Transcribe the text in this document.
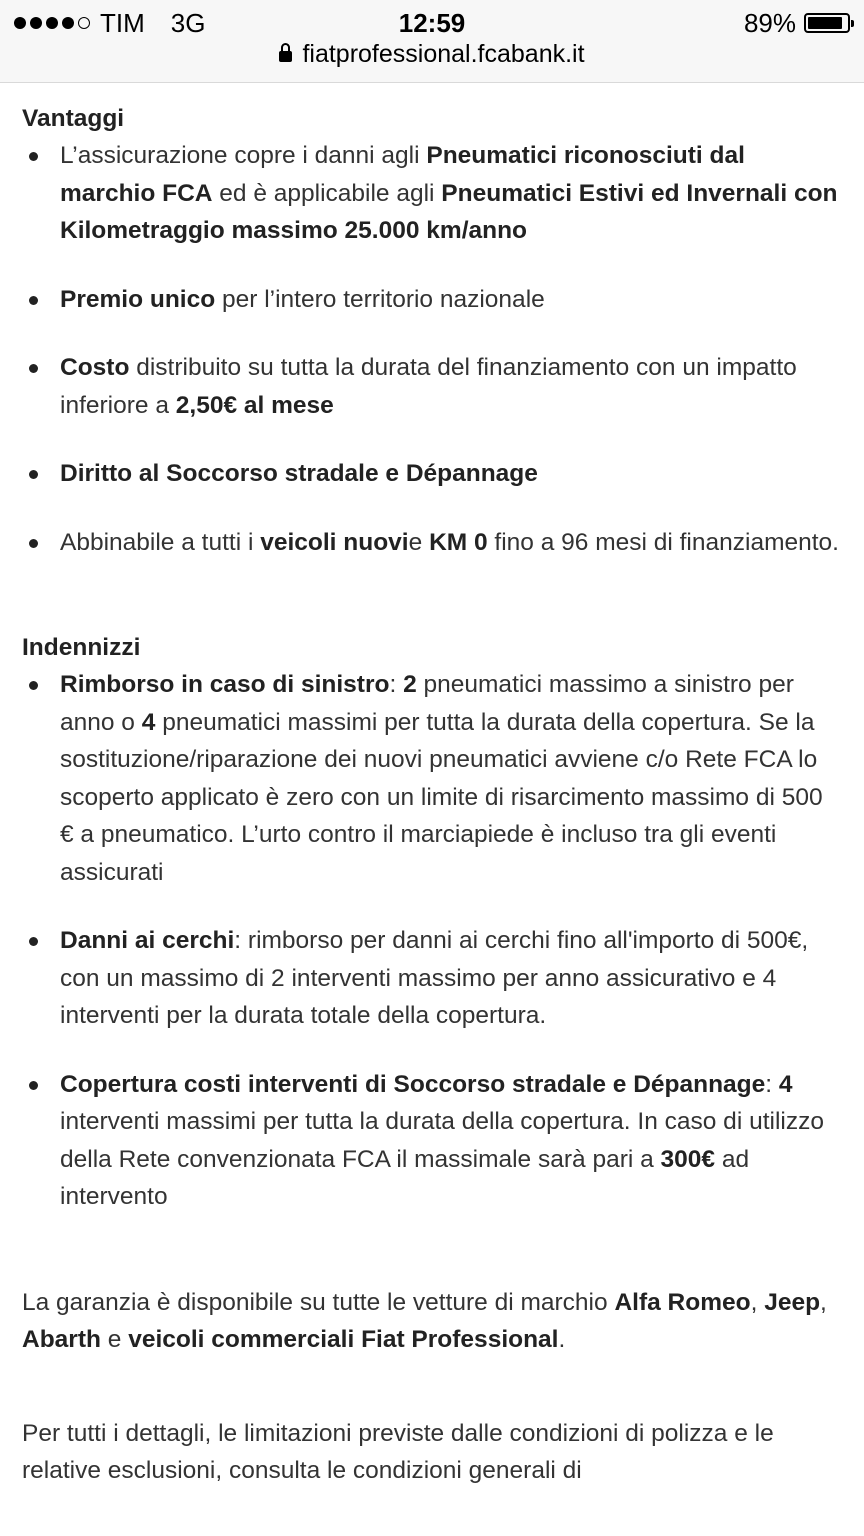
TIM 3G	12:59	89%
fiatprofessional.fcabank.it
Vantaggi
L’assicurazione copre i danni agli Pneumatici riconosciuti dal marchio FCA ed è applicabile agli Pneumatici Estivi ed Invernali con Kilometraggio massimo 25.000 km/anno
Premio unico per l’intero territorio nazionale
Costo distribuito su tutta la durata del finanziamento con un impatto inferiore a 2,50€ al mese
Diritto al Soccorso stradale e Dépannage
Abbinabile a tutti i veicoli nuovie KM 0 fino a 96 mesi di finanziamento.
Indennizzi
Rimborso in caso di sinistro: 2 pneumatici massimo a sinistro per anno o 4 pneumatici massimi per tutta la durata della copertura. Se la sostituzione/riparazione dei nuovi pneumatici avviene c/o Rete FCA lo scoperto applicato è zero con un limite di risarcimento massimo di 500 € a pneumatico. L’urto contro il marciapiede è incluso tra gli eventi assicurati
Danni ai cerchi: rimborso per danni ai cerchi fino all'importo di 500€, con un massimo di 2 interventi massimo per anno assicurativo e 4 interventi per la durata totale della copertura.
Copertura costi interventi di Soccorso stradale e Dépannage: 4 interventi massimi per tutta la durata della copertura. In caso di utilizzo della Rete convenzionata FCA il massimale sarà pari a 300€ ad intervento

La garanzia è disponibile su tutte le vetture di marchio Alfa Romeo, Jeep, Abarth e veicoli commerciali Fiat Professional.

Per tutti i dettagli, le limitazioni previste dalle condizioni di polizza e le relative esclusioni, consulta le condizioni generali di
